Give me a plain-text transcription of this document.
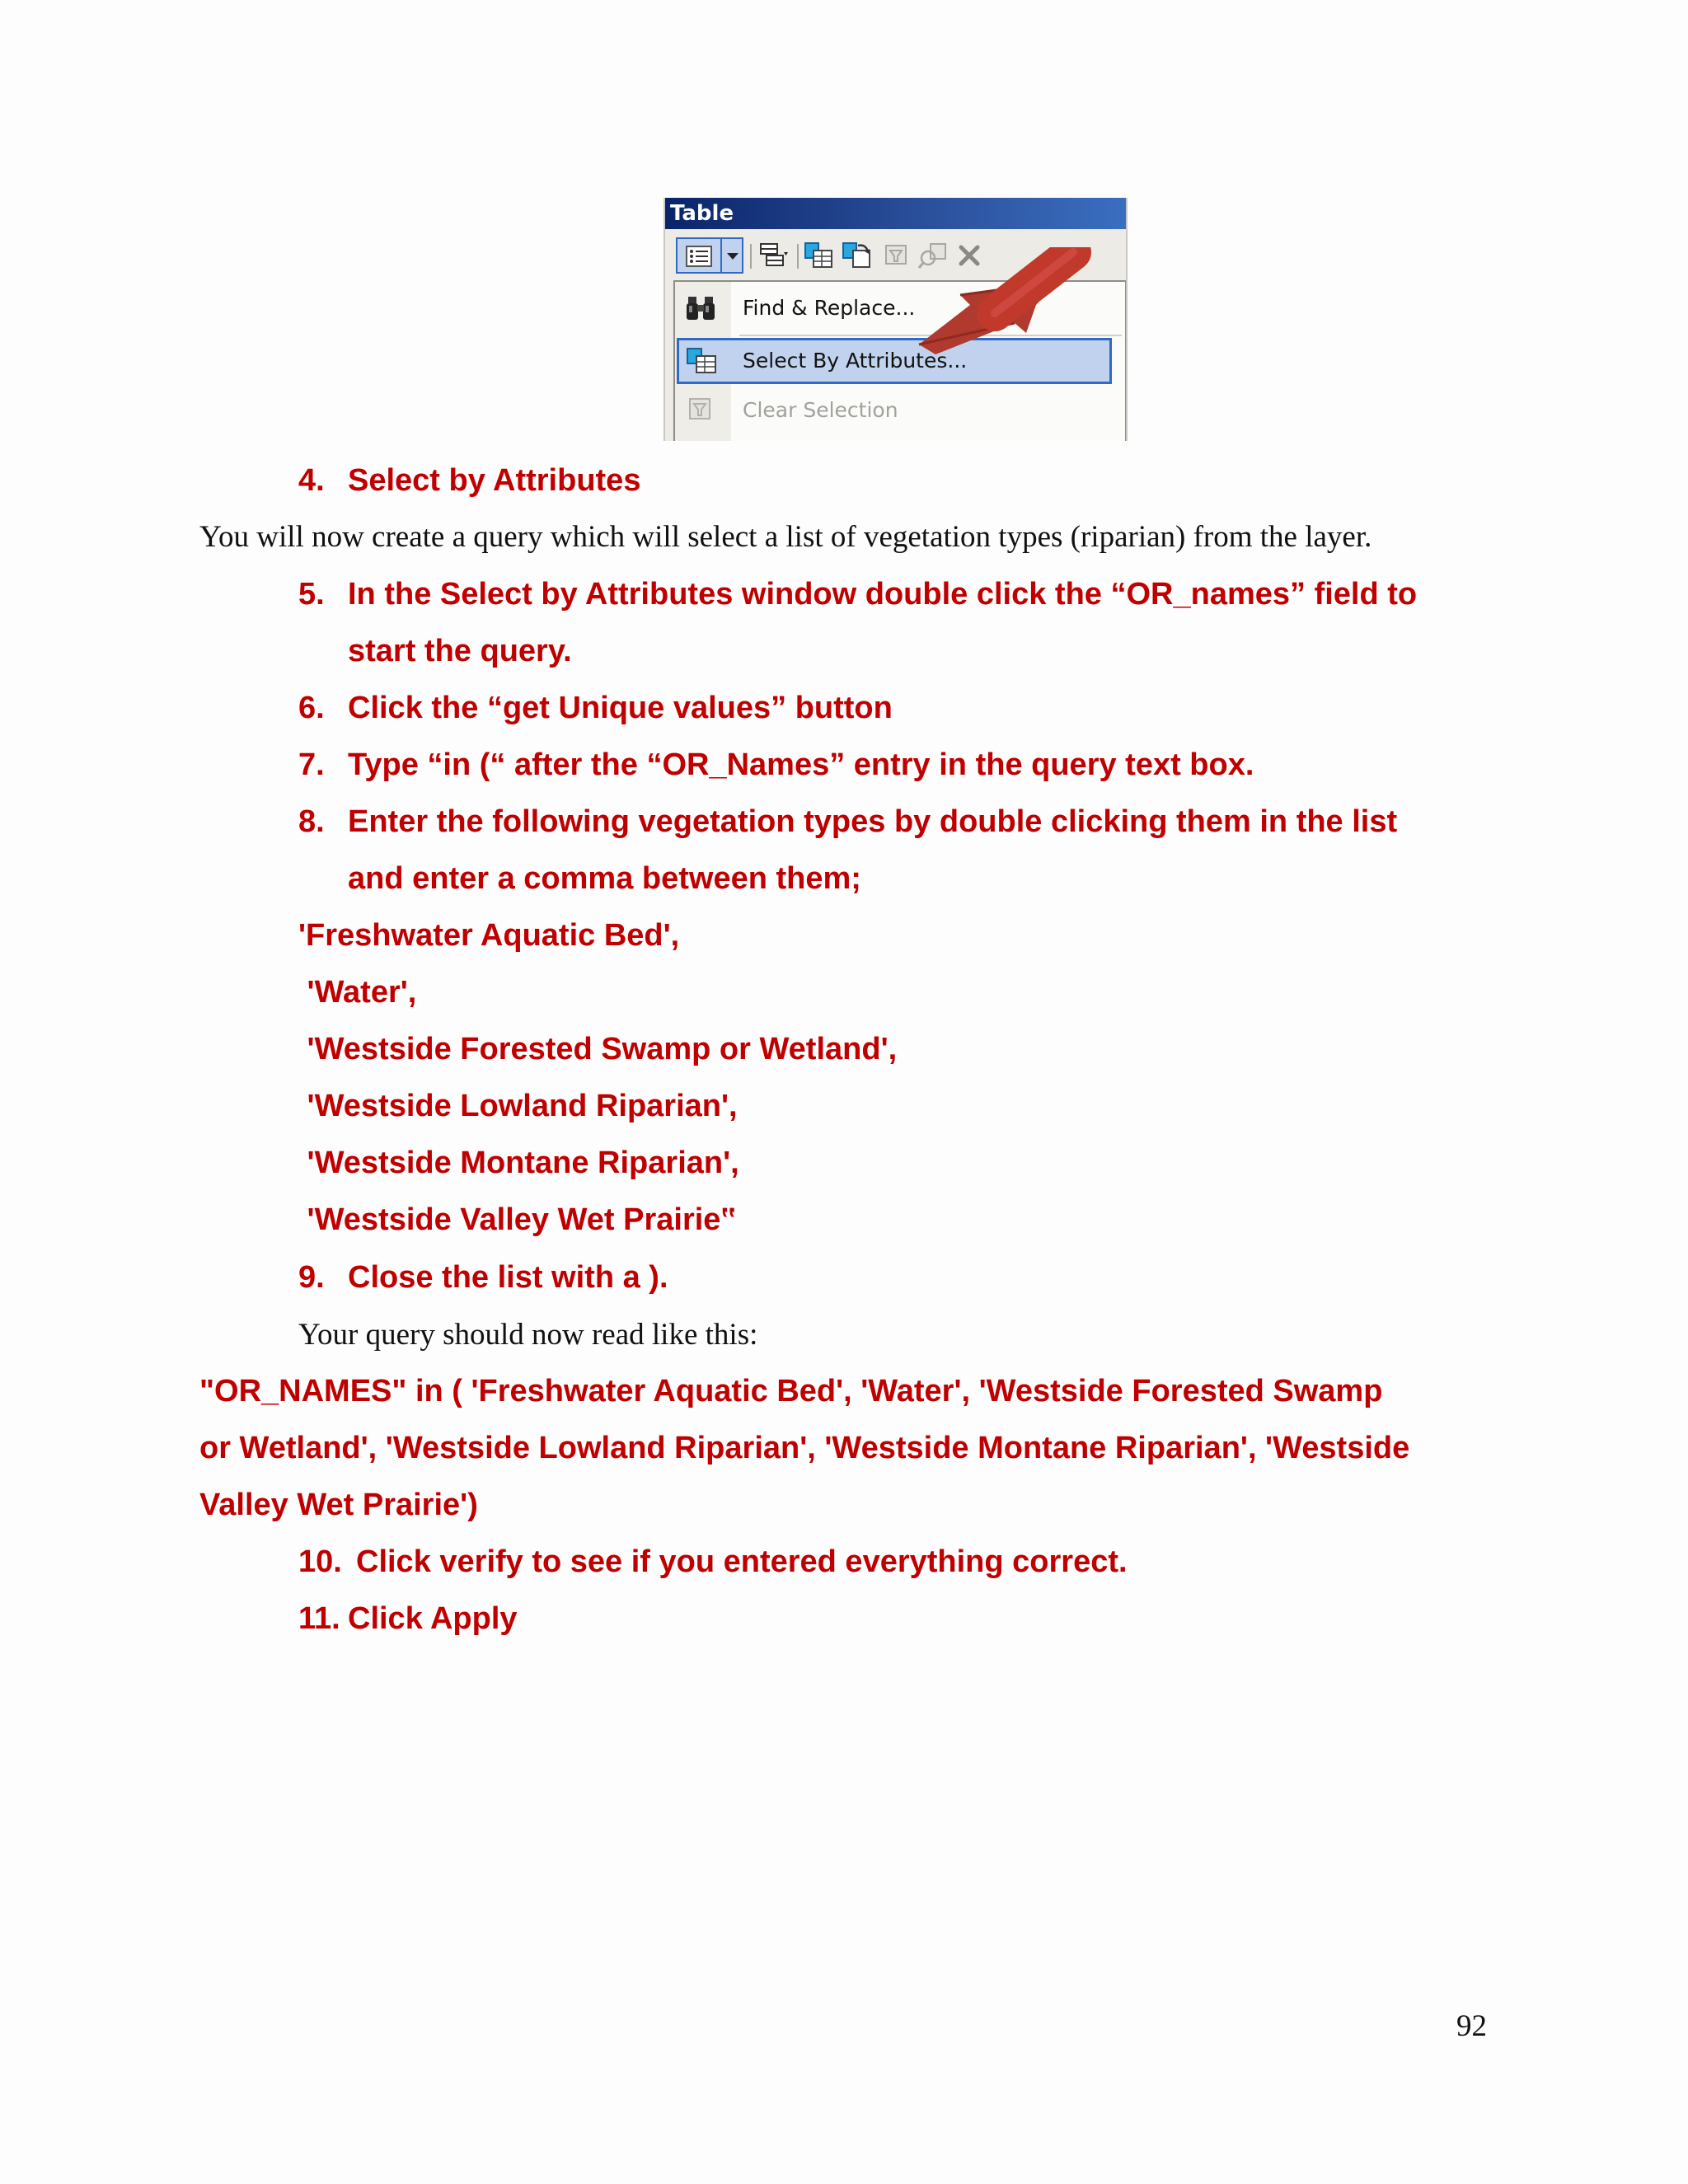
Table
Find & Replace...
Select By Attributes...
Clear Selection
4. Select by Attributes
You will now create a query which will select a list of vegetation types (riparian) from the layer.
5. In the Select by Attributes window double click the “OR_names” field to
start the query.
6. Click the “get Unique values” button
7. Type “in (“ after the “OR_Names” entry in the query text box.
8. Enter the following vegetation types by double clicking them in the list
and enter a comma between them;
'Freshwater Aquatic Bed',
'Water',
'Westside Forested Swamp or Wetland',
'Westside Lowland Riparian',
'Westside Montane Riparian',
'Westside Valley Wet Prairie‟
9. Close the list with a ).
Your query should now read like this:
"OR_NAMES" in ( 'Freshwater Aquatic Bed', 'Water', 'Westside Forested Swamp
or Wetland', 'Westside Lowland Riparian', 'Westside Montane Riparian', 'Westside
Valley Wet Prairie')
10. Click verify to see if you entered everything correct.
11. Click Apply
92
